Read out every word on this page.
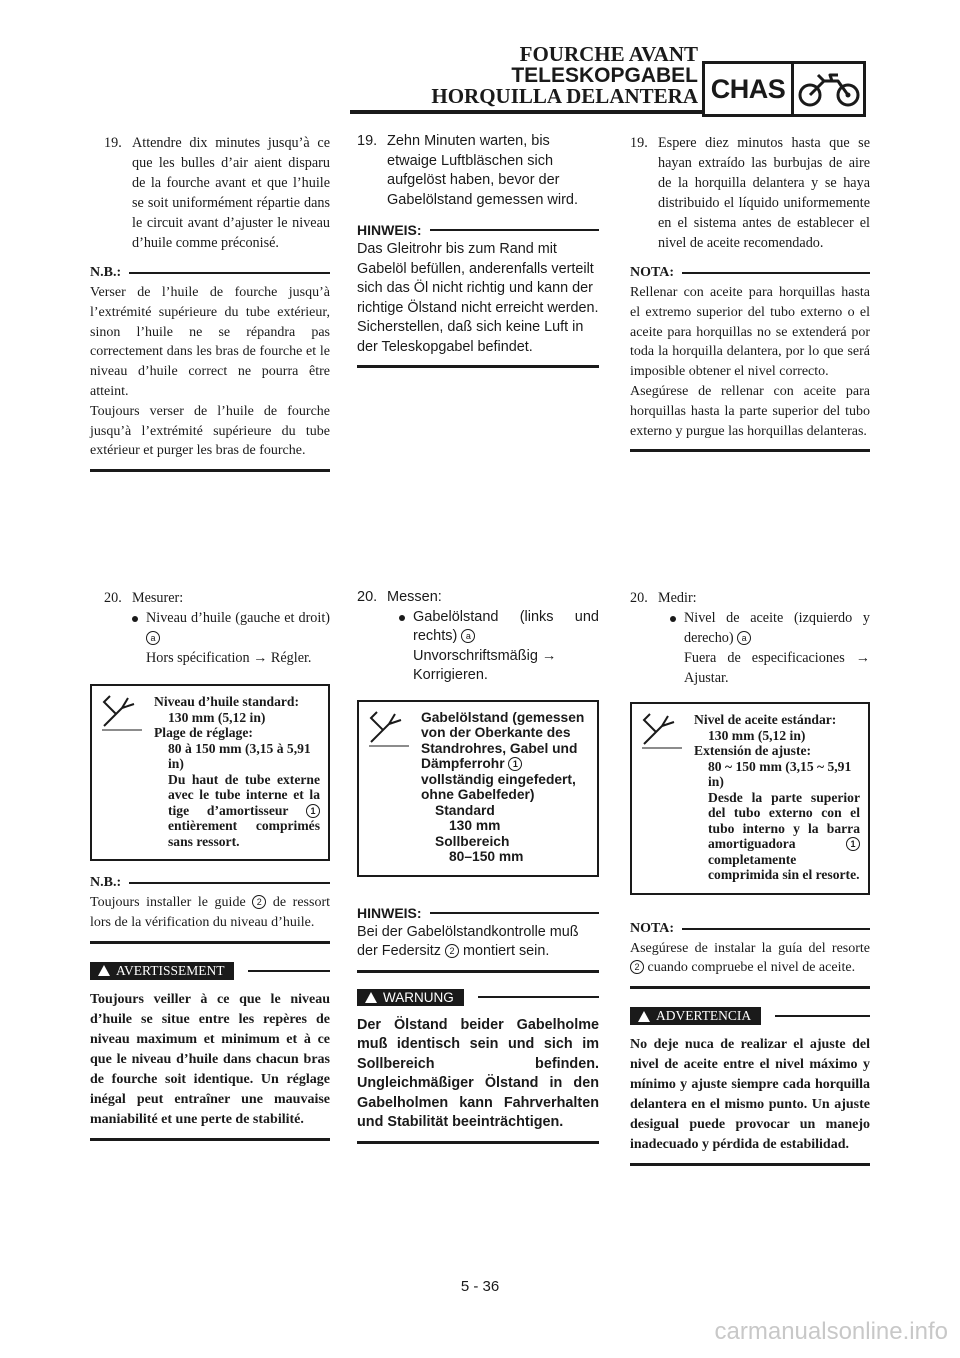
FOURCHE AVANT
TELESKOPGABEL
HORQUILLA DELANTERA CHAS
19. Attendre dix minutes jusqu’à ce que les bulles d’air aient disparu de la fourche avant et que l’huile se soit uniformément répartie dans le circuit avant d’ajuster le niveau d’huile comme préconisé.
N.B.:
Verser de l’huile de fourche jusqu’à l’extrémité supérieure du tube extérieur, sinon l’huile ne se répandra pas correctement dans les bras de fourche et le niveau d’huile correct ne pourra être atteint.
Toujours verser de l’huile de fourche jusqu’à l’extrémité supérieure du tube extérieur et purger les bras de fourche.
20. Mesurer:
Niveau d’huile (gauche et droit) a
Hors spécification → Régler.
Niveau d’huile standard:
130 mm (5,12 in)
Plage de réglage:
80 à 150 mm (3,15 à 5,91 in)
Du haut de tube externe avec le tube interne et la tige d’amortisseur 1 entièrement comprimés sans ressort.
N.B.:
Toujours installer le guide 2 de ressort lors de la vérification du niveau d’huile.
AVERTISSEMENT
Toujours veiller à ce que le niveau d’huile se situe entre les repères de niveau maximum et minimum et à ce que le niveau d’huile dans chacun bras de fourche soit identique. Un réglage inégal peut entraîner une mauvaise maniabilité et une perte de stabilité.
19. Zehn Minuten warten, bis etwaige Luftbläschen sich aufgelöst haben, bevor der Gabelölstand gemessen wird.
HINWEIS:
Das Gleitrohr bis zum Rand mit Gabelöl befüllen, anderenfalls verteilt sich das Öl nicht richtig und kann der richtige Ölstand nicht erreicht werden.
Sicherstellen, daß sich keine Luft in der Teleskopgabel befindet.
20. Messen:
Gabelölstand (links und rechts) a
Unvorschriftsmäßig → Korrigieren.
Gabelölstand (gemessen von der Oberkante des Standrohres, Gabel und Dämpferrohr 1 vollständig eingefedert, ohne Gabelfeder)
Standard
130 mm
Sollbereich
80–150 mm
HINWEIS:
Bei der Gabelölstandkontrolle muß der Federsitz 2 montiert sein.
WARNUNG
Der Ölstand beider Gabelholme muß identisch sein und sich im Sollbereich befinden. Ungleichmäßiger Ölstand in den Gabelholmen kann Fahrverhalten und Stabilität beeinträchtigen.
19. Espere diez minutos hasta que se hayan extraído las burbujas de aire de la horquilla delantera y se haya distribuido el líquido uniformemente en el sistema antes de establecer el nivel de aceite recomendado.
NOTA:
Rellenar con aceite para horquillas hasta el extremo superior del tubo externo o el aceite para horquillas no se extenderá por toda la horquilla delantera, por lo que será imposible obtener el nivel correcto.
Asegúrese de rellenar con aceite para horquillas hasta la parte superior del tubo externo y purgue las horquillas delanteras.
20. Medir:
Nivel de aceite (izquierdo y derecho) a
Fuera de especificaciones → Ajustar.
Nivel de aceite estándar:
130 mm (5,12 in)
Extensión de ajuste:
80 ~ 150 mm (3,15 ~ 5,91 in)
Desde la parte superior del tubo externo con el tubo interno y la barra amortiguadora	1 completamente comprimida sin el resorte.
NOTA:
Asegúrese de instalar la guía del resorte 2 cuando compruebe el nivel de aceite.
ADVERTENCIA
No deje nuca de realizar el ajuste del nivel de aceite entre el nivel máximo y mínimo y ajuste siempre cada horquilla delantera en el mismo punto. Un ajuste desigual puede provocar un manejo inadecuado y pérdida de estabilidad.
5 - 36
carmanualsonline.info
